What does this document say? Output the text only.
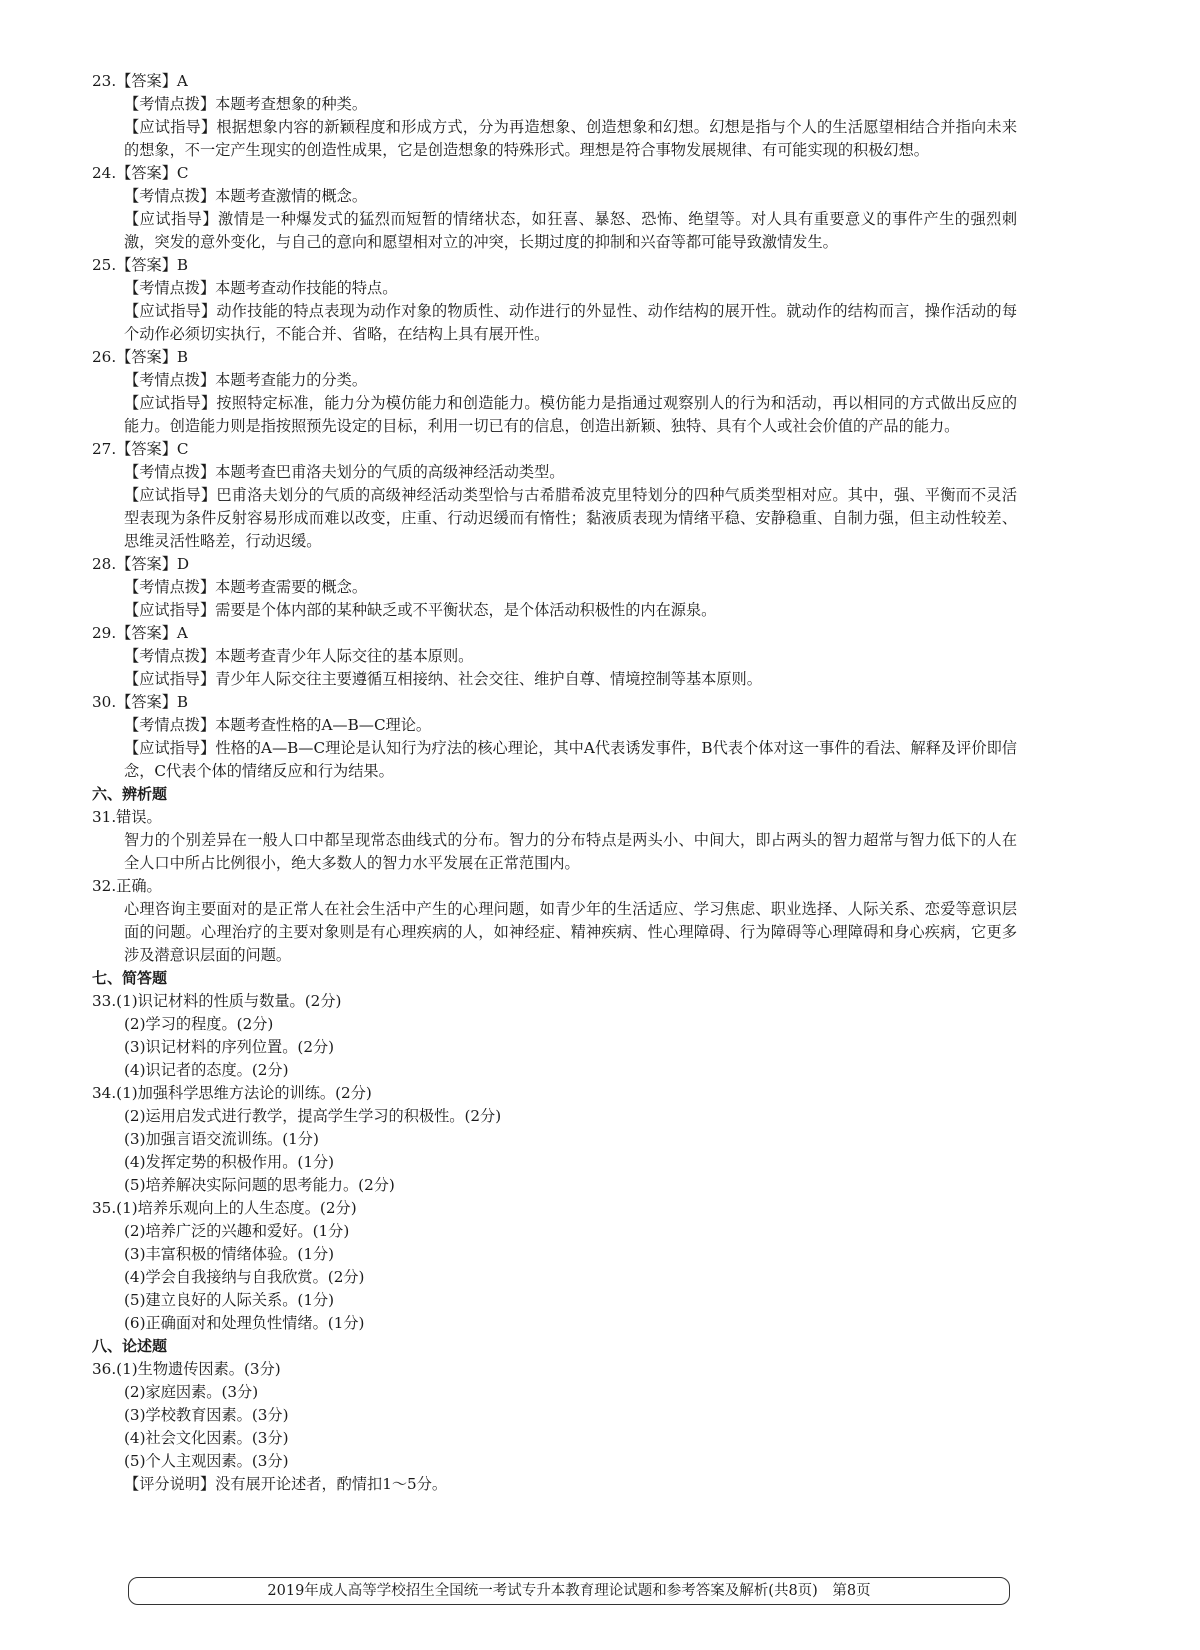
23.【答案】A
【考情点拨】本题考查想象的种类。
【应试指导】根据想象内容的新颖程度和形成方式，分为再造想象、创造想象和幻想。幻想是指与个人的生活愿望相结合并指向未来的想象，不一定产生现实的创造性成果，它是创造想象的特殊形式。理想是符合事物发展规律、有可能实现的积极幻想。
24.【答案】C
【考情点拨】本题考查激情的概念。
【应试指导】激情是一种爆发式的猛烈而短暂的情绪状态，如狂喜、暴怒、恐怖、绝望等。对人具有重要意义的事件产生的强烈刺激，突发的意外变化，与自己的意向和愿望相对立的冲突，长期过度的抑制和兴奋等都可能导致激情发生。
25.【答案】B
【考情点拨】本题考查动作技能的特点。
【应试指导】动作技能的特点表现为动作对象的物质性、动作进行的外显性、动作结构的展开性。就动作的结构而言，操作活动的每个动作必须切实执行，不能合并、省略，在结构上具有展开性。
26.【答案】B
【考情点拨】本题考查能力的分类。
【应试指导】按照特定标准，能力分为模仿能力和创造能力。模仿能力是指通过观察别人的行为和活动，再以相同的方式做出反应的能力。创造能力则是指按照预先设定的目标，利用一切已有的信息，创造出新颖、独特、具有个人或社会价值的产品的能力。
27.【答案】C
【考情点拨】本题考查巴甫洛夫划分的气质的高级神经活动类型。
【应试指导】巴甫洛夫划分的气质的高级神经活动类型恰与古希腊希波克里特划分的四种气质类型相对应。其中，强、平衡而不灵活型表现为条件反射容易形成而难以改变，庄重、行动迟缓而有惰性；黏液质表现为情绪平稳、安静稳重、自制力强，但主动性较差、思维灵活性略差，行动迟缓。
28.【答案】D
【考情点拨】本题考查需要的概念。
【应试指导】需要是个体内部的某种缺乏或不平衡状态，是个体活动积极性的内在源泉。
29.【答案】A
【考情点拨】本题考查青少年人际交往的基本原则。
【应试指导】青少年人际交往主要遵循互相接纳、社会交往、维护自尊、情境控制等基本原则。
30.【答案】B
【考情点拨】本题考查性格的A—B—C理论。
【应试指导】性格的A—B—C理论是认知行为疗法的核心理论，其中A代表诱发事件，B代表个体对这一事件的看法、解释及评价即信念，C代表个体的情绪反应和行为结果。
六、辨析题
31.错误。
智力的个别差异在一般人口中都呈现常态曲线式的分布。智力的分布特点是两头小、中间大，即占两头的智力超常与智力低下的人在全人口中所占比例很小，绝大多数人的智力水平发展在正常范围内。
32.正确。
心理咨询主要面对的是正常人在社会生活中产生的心理问题，如青少年的生活适应、学习焦虑、职业选择、人际关系、恋爱等意识层面的问题。心理治疗的主要对象则是有心理疾病的人，如神经症、精神疾病、性心理障碍、行为障碍等心理障碍和身心疾病，它更多涉及潜意识层面的问题。
七、简答题
33.(1)识记材料的性质与数量。(2分)
(2)学习的程度。(2分)
(3)识记材料的序列位置。(2分)
(4)识记者的态度。(2分)
34.(1)加强科学思维方法论的训练。(2分)
(2)运用启发式进行教学，提高学生学习的积极性。(2分)
(3)加强言语交流训练。(1分)
(4)发挥定势的积极作用。(1分)
(5)培养解决实际问题的思考能力。(2分)
35.(1)培养乐观向上的人生态度。(2分)
(2)培养广泛的兴趣和爱好。(1分)
(3)丰富积极的情绪体验。(1分)
(4)学会自我接纳与自我欣赏。(2分)
(5)建立良好的人际关系。(1分)
(6)正确面对和处理负性情绪。(1分)
八、论述题
36.(1)生物遗传因素。(3分)
(2)家庭因素。(3分)
(3)学校教育因素。(3分)
(4)社会文化因素。(3分)
(5)个人主观因素。(3分)
【评分说明】没有展开论述者，酌情扣1～5分。
2019年成人高等学校招生全国统一考试专升本教育理论试题和参考答案及解析(共8页)　第8页
